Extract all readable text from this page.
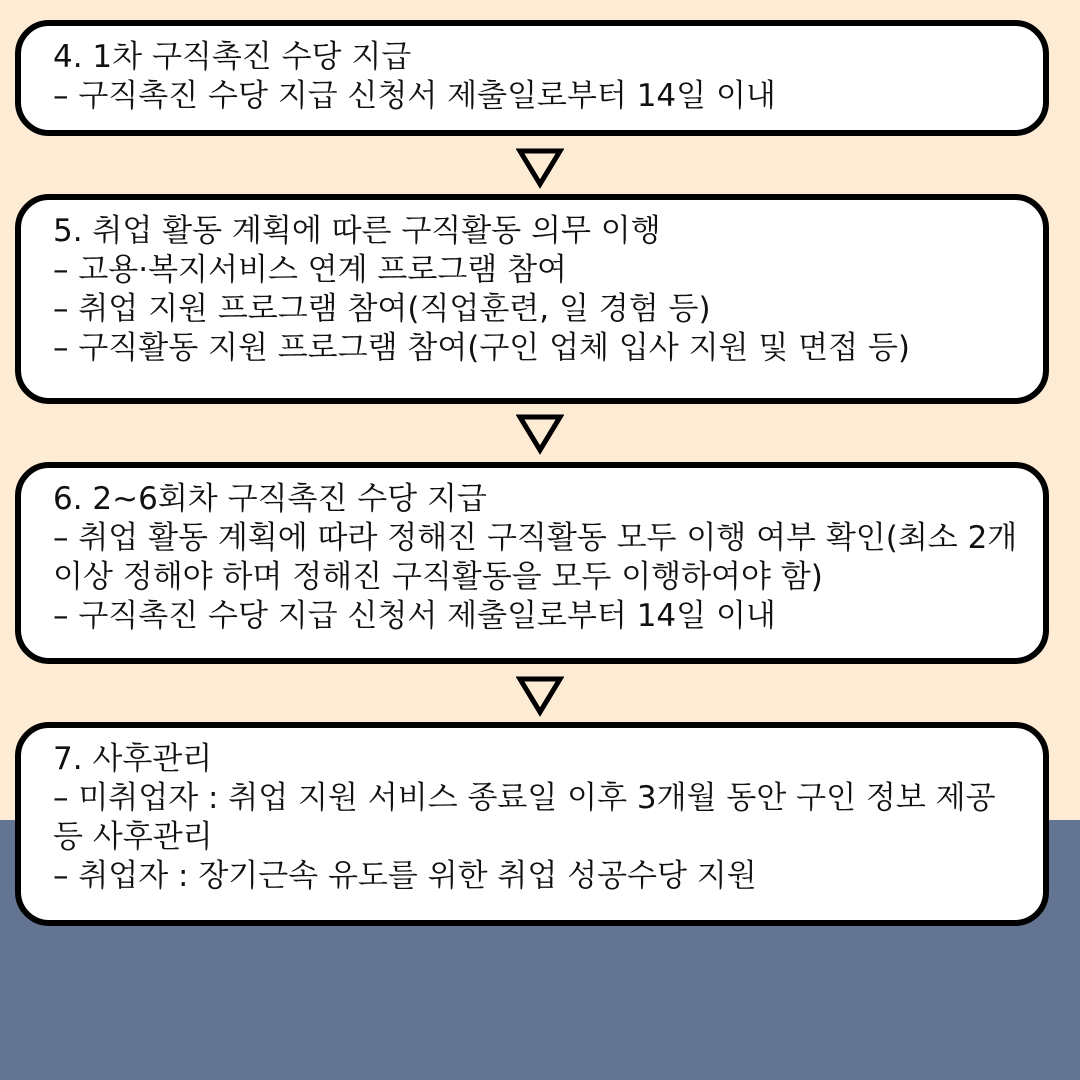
4. 1차 구직촉진 수당 지급
– 구직촉진 수당 지급 신청서 제출일로부터 14일 이내
5. 취업 활동 계획에 따른 구직활동 의무 이행
– 고용·복지서비스 연계 프로그램 참여
– 취업 지원 프로그램 참여(직업훈련, 일 경험 등)
– 구직활동 지원 프로그램 참여(구인 업체 입사 지원 및 면접 등)
6. 2~6회차 구직촉진 수당 지급
– 취업 활동 계획에 따라 정해진 구직활동 모두 이행 여부 확인(최소 2개 이상 정해야 하며 정해진 구직활동을 모두 이행하여야 함)
– 구직촉진 수당 지급 신청서 제출일로부터 14일 이내
7. 사후관리
– 미취업자 : 취업 지원 서비스 종료일 이후 3개월 동안 구인 정보 제공 등 사후관리
– 취업자 : 장기근속 유도를 위한 취업 성공수당 지원
